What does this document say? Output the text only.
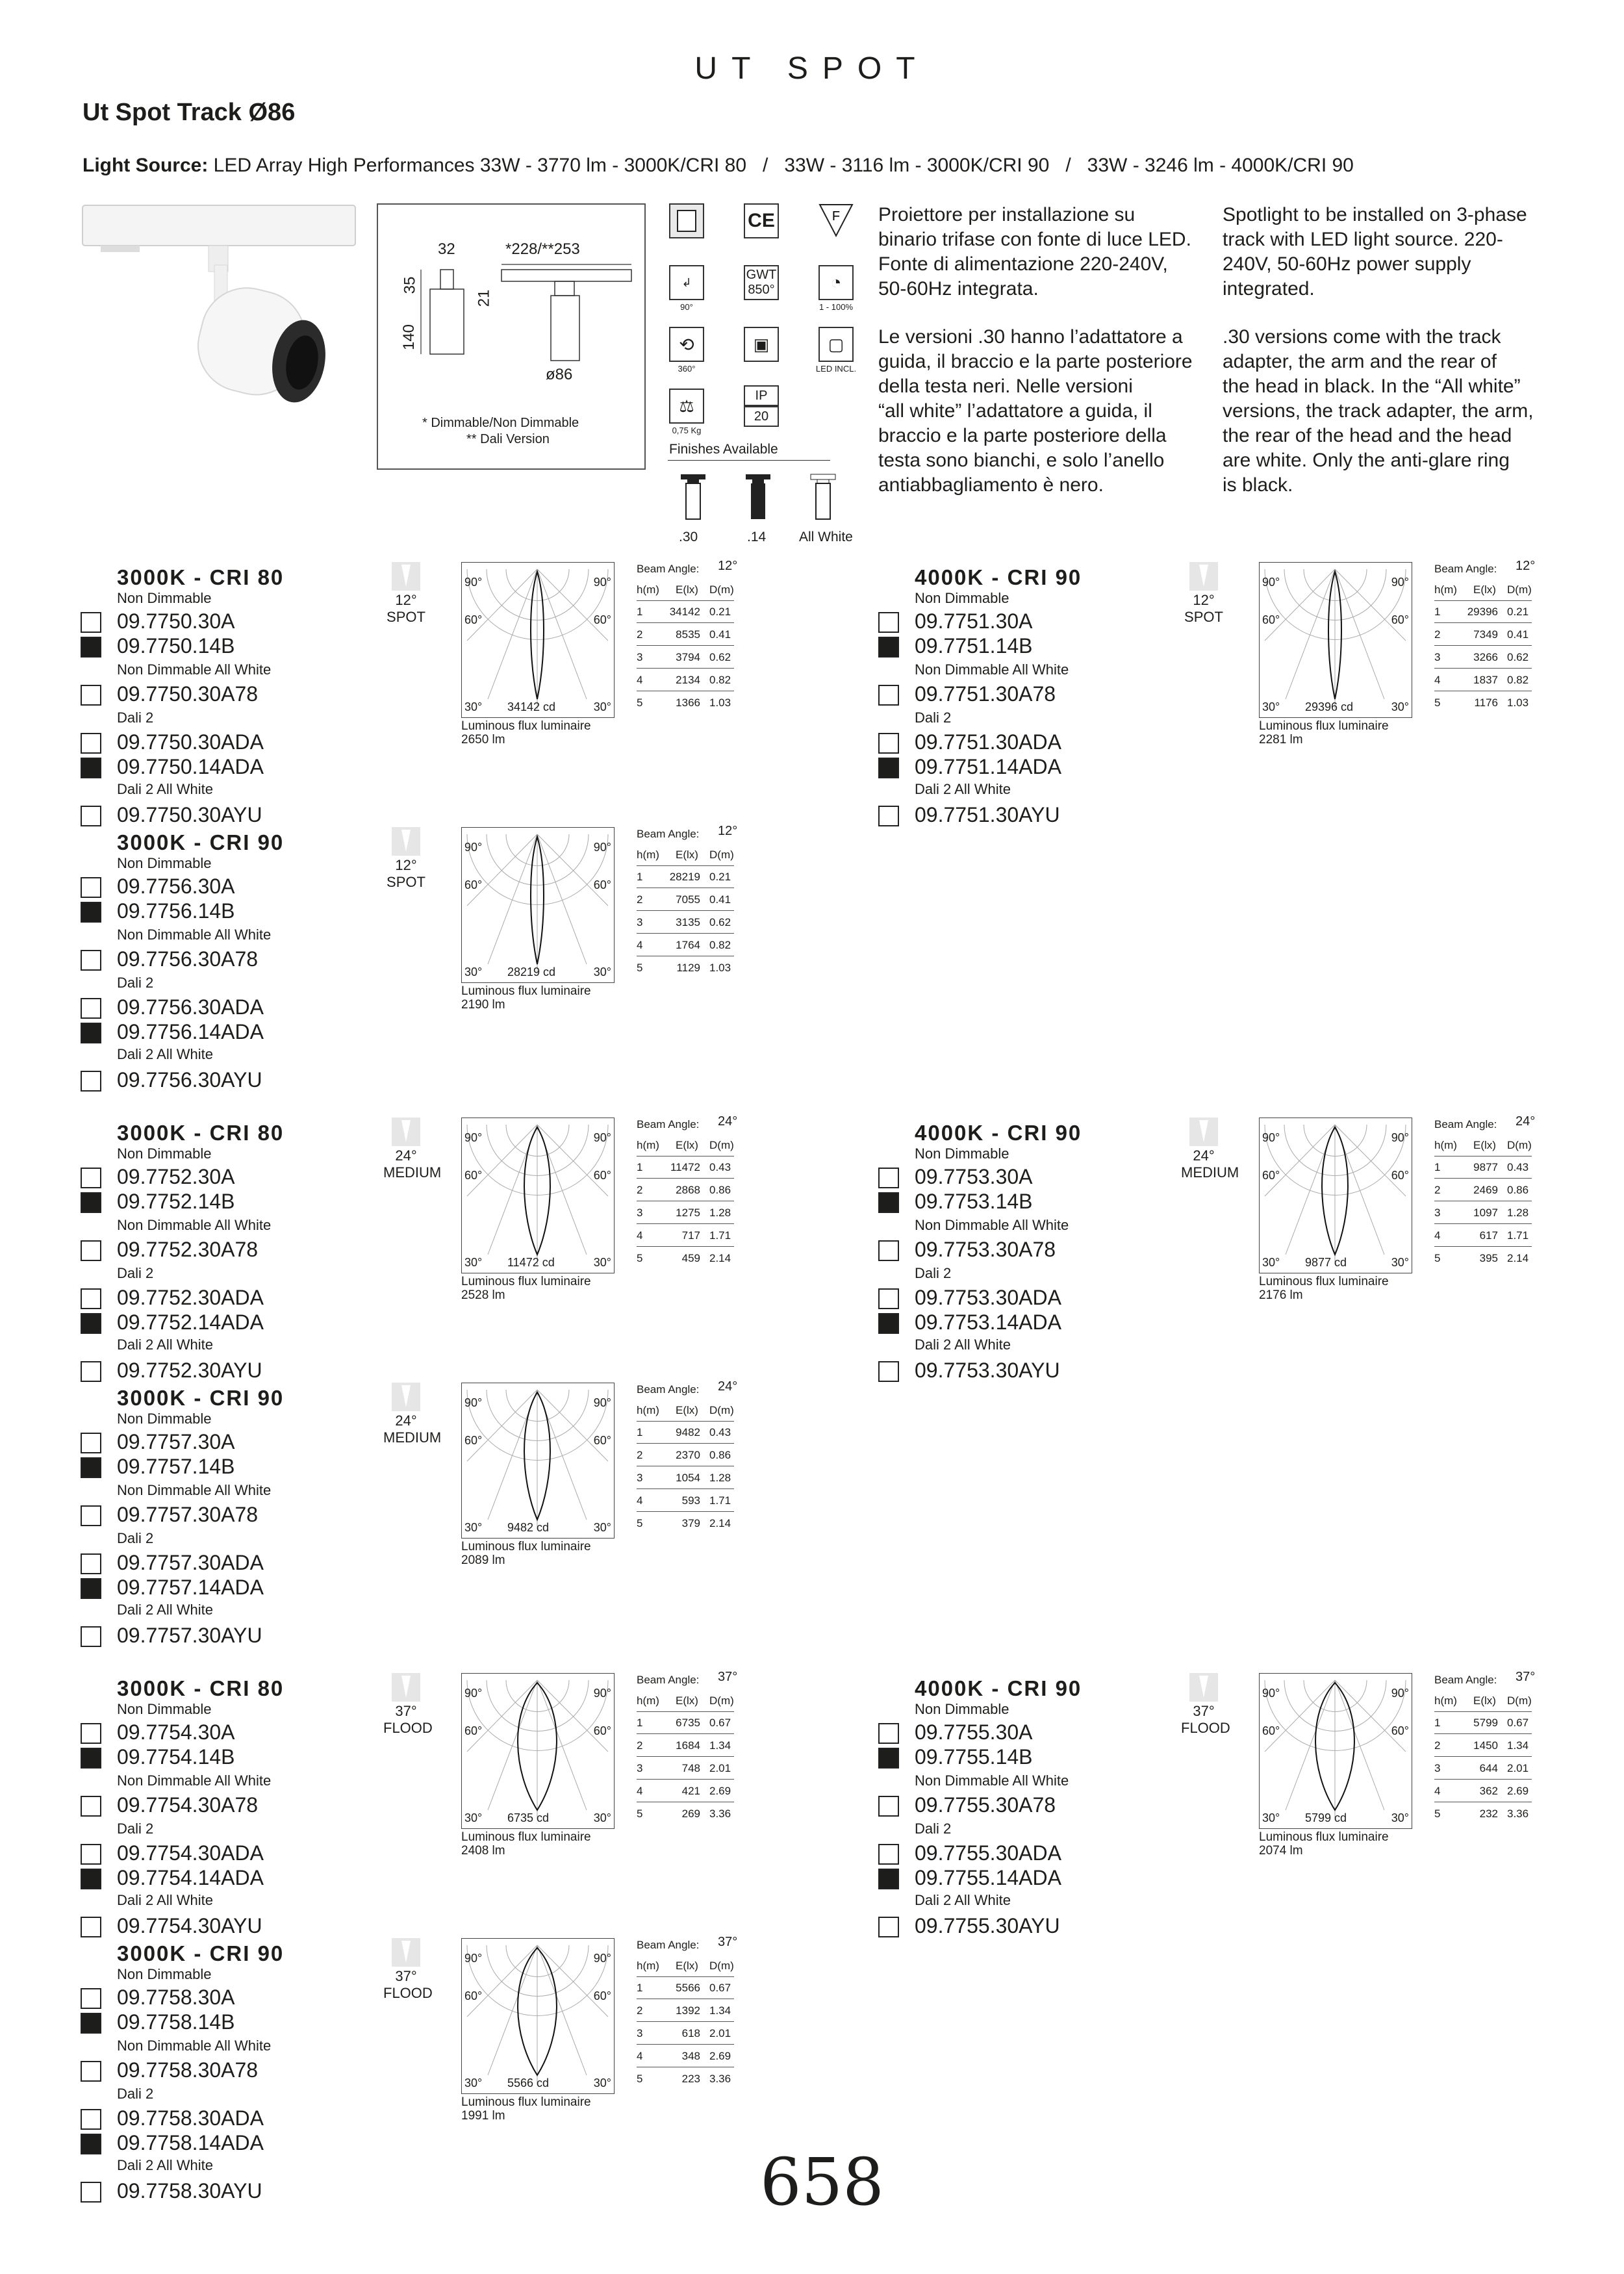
UT SPOT
Ut Spot Track Ø86
Light Source: LED Array High Performances 33W - 3770 lm - 3000K/CRI 80   /   33W - 3116 lm - 3000K/CRI 90   /   33W - 3246 lm - 4000K/CRI 90
32	*228/**253
35
140
21
ø86
* Dimmable/Non Dimmable
** Dali Version
CE	F
↲
90°
GWT
850°	◔
1 - 100%
⟲
360°
▣	▢
LED INCL.
⚖
0,75 Kg
IP
20
Finishes Available
.30	.14 All White
Proiettore per installazione su
binario trifase con fonte di luce LED.
Fonte di alimentazione 220-240V,
50-60Hz integrata.
Le versioni .30 hanno l’adattatore a
guida, il braccio e la parte posteriore
della testa neri. Nelle versioni
“all white” l’adattatore a guida, il
braccio e la parte posteriore della
testa sono bianchi, e solo l’anello
antiabbagliamento è nero.
Spotlight to be installed on 3-phase
track with LED light source. 220-
240V, 50-60Hz power supply
integrated.
.30 versions come with the track
adapter, the arm and the rear of
the head in black. In the “All white”
versions, the track adapter, the arm,
the rear of the head and the head
are white. Only the anti-glare ring
is black.
3000K - CRI 80
Non Dimmable
Non Dimmable All White
Dali 2
Dali 2 All White
09.7750.30A
09.7750.14B
09.7750.30A78
09.7750.30ADA
09.7750.14ADA
09.7750.30AYU
12°
SPOT
90°	90°
60°	60°
30°	30°
34142 cd
Luminous flux luminaire
2650 lm
Beam Angle: 12°
h(m) E(lx) D(m)
1	34142 0.21
2	8535 0.41
3	3794 0.62
4	2134 0.82
5	1366 1.03
4000K - CRI 90
Non Dimmable
Non Dimmable All White
Dali 2
Dali 2 All White
09.7751.30A
09.7751.14B
09.7751.30A78
09.7751.30ADA
09.7751.14ADA
09.7751.30AYU
12°
SPOT
90°	90°
60°	60°
30°	30°
29396 cd
Luminous flux luminaire
2281 lm
Beam Angle: 12°
h(m) E(lx) D(m)
1	29396 0.21
2	7349 0.41
3	3266 0.62
4	1837 0.82
5	1176 1.03
3000K - CRI 90
Non Dimmable
Non Dimmable All White
Dali 2
Dali 2 All White
09.7756.30A
09.7756.14B
09.7756.30A78
09.7756.30ADA
09.7756.14ADA
09.7756.30AYU
12°
SPOT
90°	90°
60°	60°
30°	30°
28219 cd
Luminous flux luminaire
2190 lm
Beam Angle: 12°
h(m) E(lx) D(m)
1	28219 0.21
2	7055 0.41
3	3135 0.62
4	1764 0.82
5	1129 1.03
3000K - CRI 80
Non Dimmable
Non Dimmable All White
Dali 2
Dali 2 All White
09.7752.30A
09.7752.14B
09.7752.30A78
09.7752.30ADA
09.7752.14ADA
09.7752.30AYU
24°
MEDIUM
90°	90°
60°	60°
30°	30°
11472 cd
Luminous flux luminaire
2528 lm
Beam Angle: 24°
h(m) E(lx) D(m)
1	11472 0.43
2	2868 0.86
3	1275 1.28
4	717 1.71
5	459 2.14
4000K - CRI 90
Non Dimmable
Non Dimmable All White
Dali 2
Dali 2 All White
09.7753.30A
09.7753.14B
09.7753.30A78
09.7753.30ADA
09.7753.14ADA
09.7753.30AYU
24°
MEDIUM
90°	90°
60°	60°
30°	30°
9877 cd
Luminous flux luminaire
2176 lm
Beam Angle: 24°
h(m) E(lx) D(m)
1	9877 0.43
2	2469 0.86
3	1097 1.28
4	617 1.71
5	395 2.14
3000K - CRI 90
Non Dimmable
Non Dimmable All White
Dali 2
Dali 2 All White
09.7757.30A
09.7757.14B
09.7757.30A78
09.7757.30ADA
09.7757.14ADA
09.7757.30AYU
24°
MEDIUM
90°	90°
60°	60°
30°	30°
9482 cd
Luminous flux luminaire
2089 lm
Beam Angle: 24°
h(m) E(lx) D(m)
1	9482 0.43
2	2370 0.86
3	1054 1.28
4	593 1.71
5	379 2.14
3000K - CRI 80
Non Dimmable
Non Dimmable All White
Dali 2
Dali 2 All White
09.7754.30A
09.7754.14B
09.7754.30A78
09.7754.30ADA
09.7754.14ADA
09.7754.30AYU
37°
FLOOD
90°	90°
60°	60°
30°	30°
6735 cd
Luminous flux luminaire
2408 lm
Beam Angle: 37°
h(m) E(lx) D(m)
1	6735 0.67
2	1684 1.34
3	748 2.01
4	421 2.69
5	269 3.36
4000K - CRI 90
Non Dimmable
Non Dimmable All White
Dali 2
Dali 2 All White
09.7755.30A
09.7755.14B
09.7755.30A78
09.7755.30ADA
09.7755.14ADA
09.7755.30AYU
37°
FLOOD
90°	90°
60°	60°
30°	30°
5799 cd
Luminous flux luminaire
2074 lm
Beam Angle: 37°
h(m) E(lx) D(m)
1	5799 0.67
2	1450 1.34
3	644 2.01
4	362 2.69
5	232 3.36
3000K - CRI 90
Non Dimmable
Non Dimmable All White
Dali 2
Dali 2 All White
09.7758.30A
09.7758.14B
09.7758.30A78
09.7758.30ADA
09.7758.14ADA
09.7758.30AYU
37°
FLOOD
90°	90°
60°	60°
30°	30°
5566 cd
Luminous flux luminaire
1991 lm
Beam Angle: 37°
h(m) E(lx) D(m)
1	5566 0.67
2	1392 1.34
3	618 2.01
4	348 2.69
5	223 3.36
658
